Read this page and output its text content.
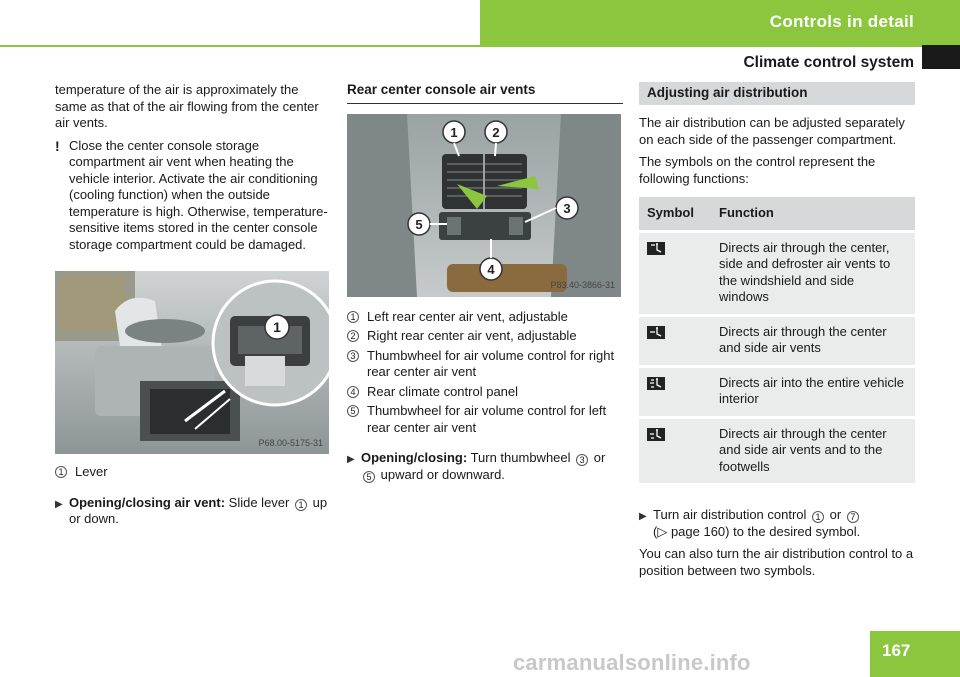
Controls in detail
Climate control system

temperature of the air is approximately the same as that of the air flowing from the center air vents.

! Close the center console storage compartment air vent when heating the vehicle interior. Activate the air conditioning (cooling function) when the outside temperature is high. Otherwise, temperature-sensitive items stored in the center console storage compartment could be damaged.
1
P68.00-5175-31
1 Lever
▶ Opening/closing air vent: Slide lever 1 up or down.
Rear center console air vents
1	2
3
4
5
P83.40-3866-31
1 Left rear center air vent, adjustable
2 Right rear center air vent, adjustable
3 Thumbwheel for air volume control for right rear center air vent
4 Rear climate control panel
5 Thumbwheel for air volume control for left rear center air vent
▶ Opening/closing: Turn thumbwheel 3 or 5 upward or downward.
Adjusting air distribution

The air distribution can be adjusted separately on each side of the passenger compartment.

The symbols on the control represent the following functions:

Symbol	Function

	Directs air through the center, side and defroster air vents to the windshield and side windows

	Directs air through the center and side air vents

	Directs air into the entire vehicle interior

	Directs air through the center and side air vents and to the footwells
▶ Turn air distribution control 1 or 7
(▷ page 160) to the desired symbol.

You can also turn the air distribution control to a position between two symbols.

167
carmanualsonline.info
